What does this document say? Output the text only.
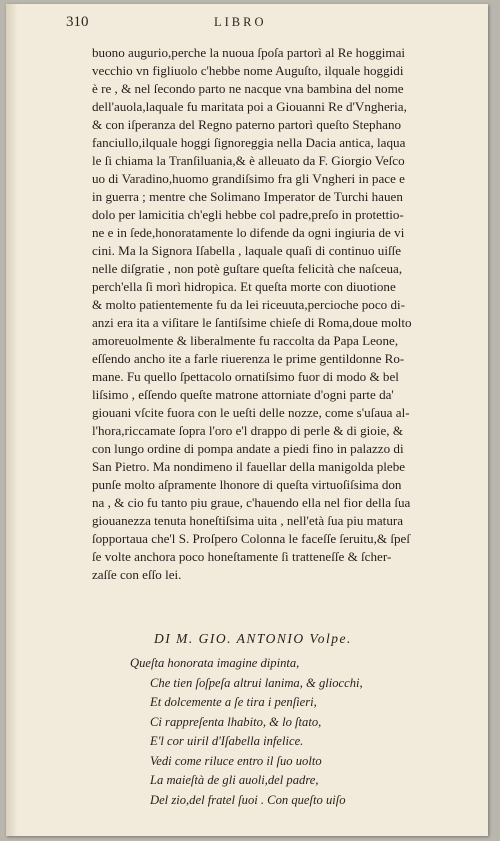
310	LIBRO
buono augurio,perche la nuoua ſpoſa partorì al Re hoggimai
vecchio vn figliuolo c'hebbe nome Auguſto, ilquale hoggidi
è re , & nel ſecondo parto ne nacque vna bambina del nome
dell'auola,laquale fu maritata poi a Giouanni Re d'Vngheria,
& con iſperanza del Regno paterno partorì queſto Stephano
fanciullo,ilquale hoggi ſignoreggia nella Dacia antica, laqua
le ſi chiama la Tranſiluania,& è alleuato da F. Giorgio Veſco
uo di Varadino,huomo grandiſsimo fra gli Vngheri in pace e
in guerra ; mentre che Solimano Imperator de Turchi hauen
dolo per lamicitia ch'egli hebbe col padre,preſo in protettio-
ne e in ſede,honoratamente lo difende da ogni ingiuria de vi
cini. Ma la Signora Iſabella , laquale quaſi di continuo uiſſe
nelle diſgratie , non potè guſtare queſta felicità che naſceua,
perch'ella ſi morì hidropica. Et queſta morte con diuotione
& molto patientemente fu da lei riceuuta,percioche poco di-
anzi era ita a viſitare le ſantiſsime chieſe di Roma,doue molto
amoreuolmente & liberalmente fu raccolta da Papa Leone,
eſſendo ancho ite a farle riuerenza le prime gentildonne Ro-
mane. Fu quello ſpettacolo ornatiſsimo fuor di modo & bel
liſsimo , eſſendo queſte matrone attorniate d'ogni parte da'
giouani vſcite fuora con le ueſti delle nozze, come s'uſaua al-
l'hora,riccamate ſopra l'oro e'l drappo di perle & di gioie, &
con lungo ordine di pompa andate a piedi fino in palazzo di
San Pietro. Ma nondimeno il fauellar della manigolda plebe
punſe molto aſpramente lhonore di queſta virtuoſiſsima don
na , & cio fu tanto piu graue, c'hauendo ella nel fior della ſua
giouanezza tenuta honeſtiſsima uita , nell'età ſua piu matura
ſopportaua che'l S. Proſpero Colonna le faceſſe ſeruitu,& ſpeſ
ſe volte anchora poco honeſtamente ſi tratteneſſe & ſcher-
zaſſe con eſſo lei.
DI M. GIO. ANTONIO Volpe.
Queſta honorata imagine dipinta,
Che tien ſoſpeſa altrui lanima, & gliocchi,
Et dolcemente a ſe tira i penſieri,
Ci rappreſenta lhabito, & lo ſtato,
E'l cor uiril d'Iſabella infelice.
Vedi come riluce entro il ſuo uolto
La maieſtà de gli auoli,del padre,
Del zio,del fratel ſuoi . Con queſto uiſo
